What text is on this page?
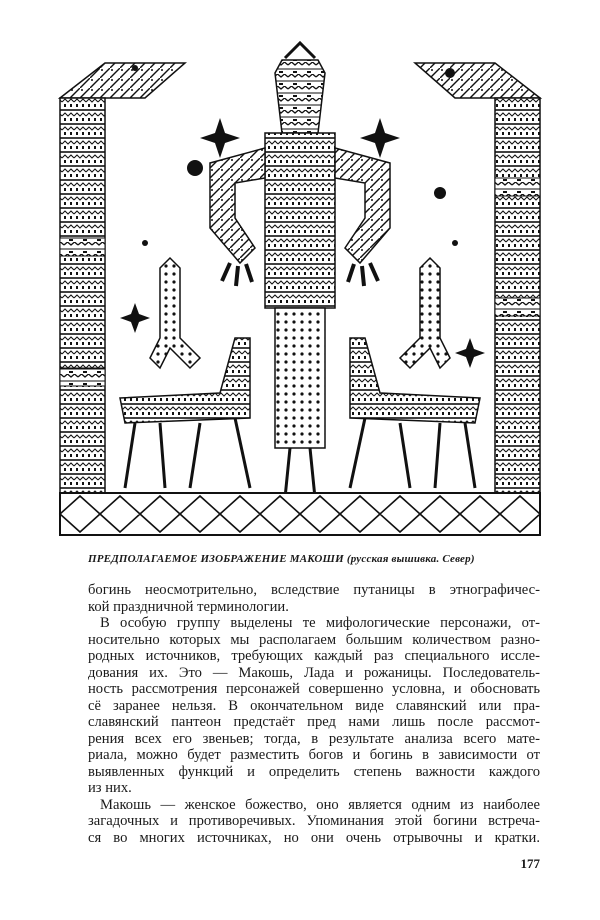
ПРЕДПОЛАГАЕМОЕ ИЗОБРАЖЕНИЕ МАКОШИ (русская вышивка. Север)
богинь неосмотрительно, вследствие путаницы в этнографичес-
кой праздничной терминологии.
В особую группу выделены те мифологические персонажи, от-
носительно которых мы располагаем большим количеством разно-
родных источников, требующих каждый раз специального иссле-
дования их. Это — Макошь, Лада и рожаницы. Последователь-
ность рассмотрения персонажей совершенно условна, и обосновать
сё заранее нельзя. В окончательном виде славянский или пра-
славянский пантеон предстаёт пред нами лишь после рассмот-
рения всех его звеньев; тогда, в результате анализа всего мате-
риала, можно будет разместить богов и богинь в зависимости от
выявленных функций и определить степень важности каждого
из них.
Макошь — женское божество, оно является одним из наиболее
загадочных и противоречивых. Упоминания этой богини встреча-
ся во многих источниках, но они очень отрывочны и кратки.
177
